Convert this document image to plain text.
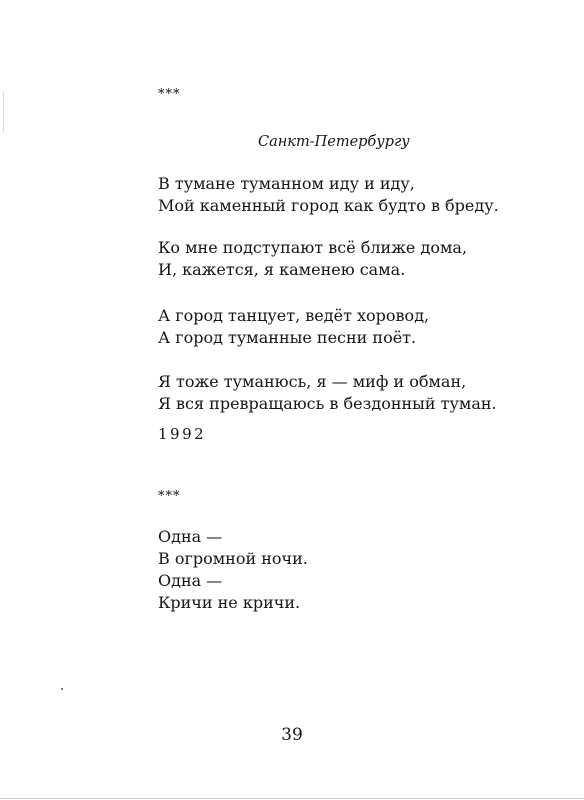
***
Санкт-Петербургу
В тумане туманном иду и иду,
Мой каменный город как будто в бреду.
Ко мне подступают всё ближе дома,
И, кажется, я каменею сама.
А город танцует, ведёт хоровод,
А город туманные песни поёт.
Я тоже туманюсь, я — миф и обман,
Я вся превращаюсь в бездонный туман.
1992
***
Одна —
В огромной ночи.
Одна —
Кричи не кричи.
39
